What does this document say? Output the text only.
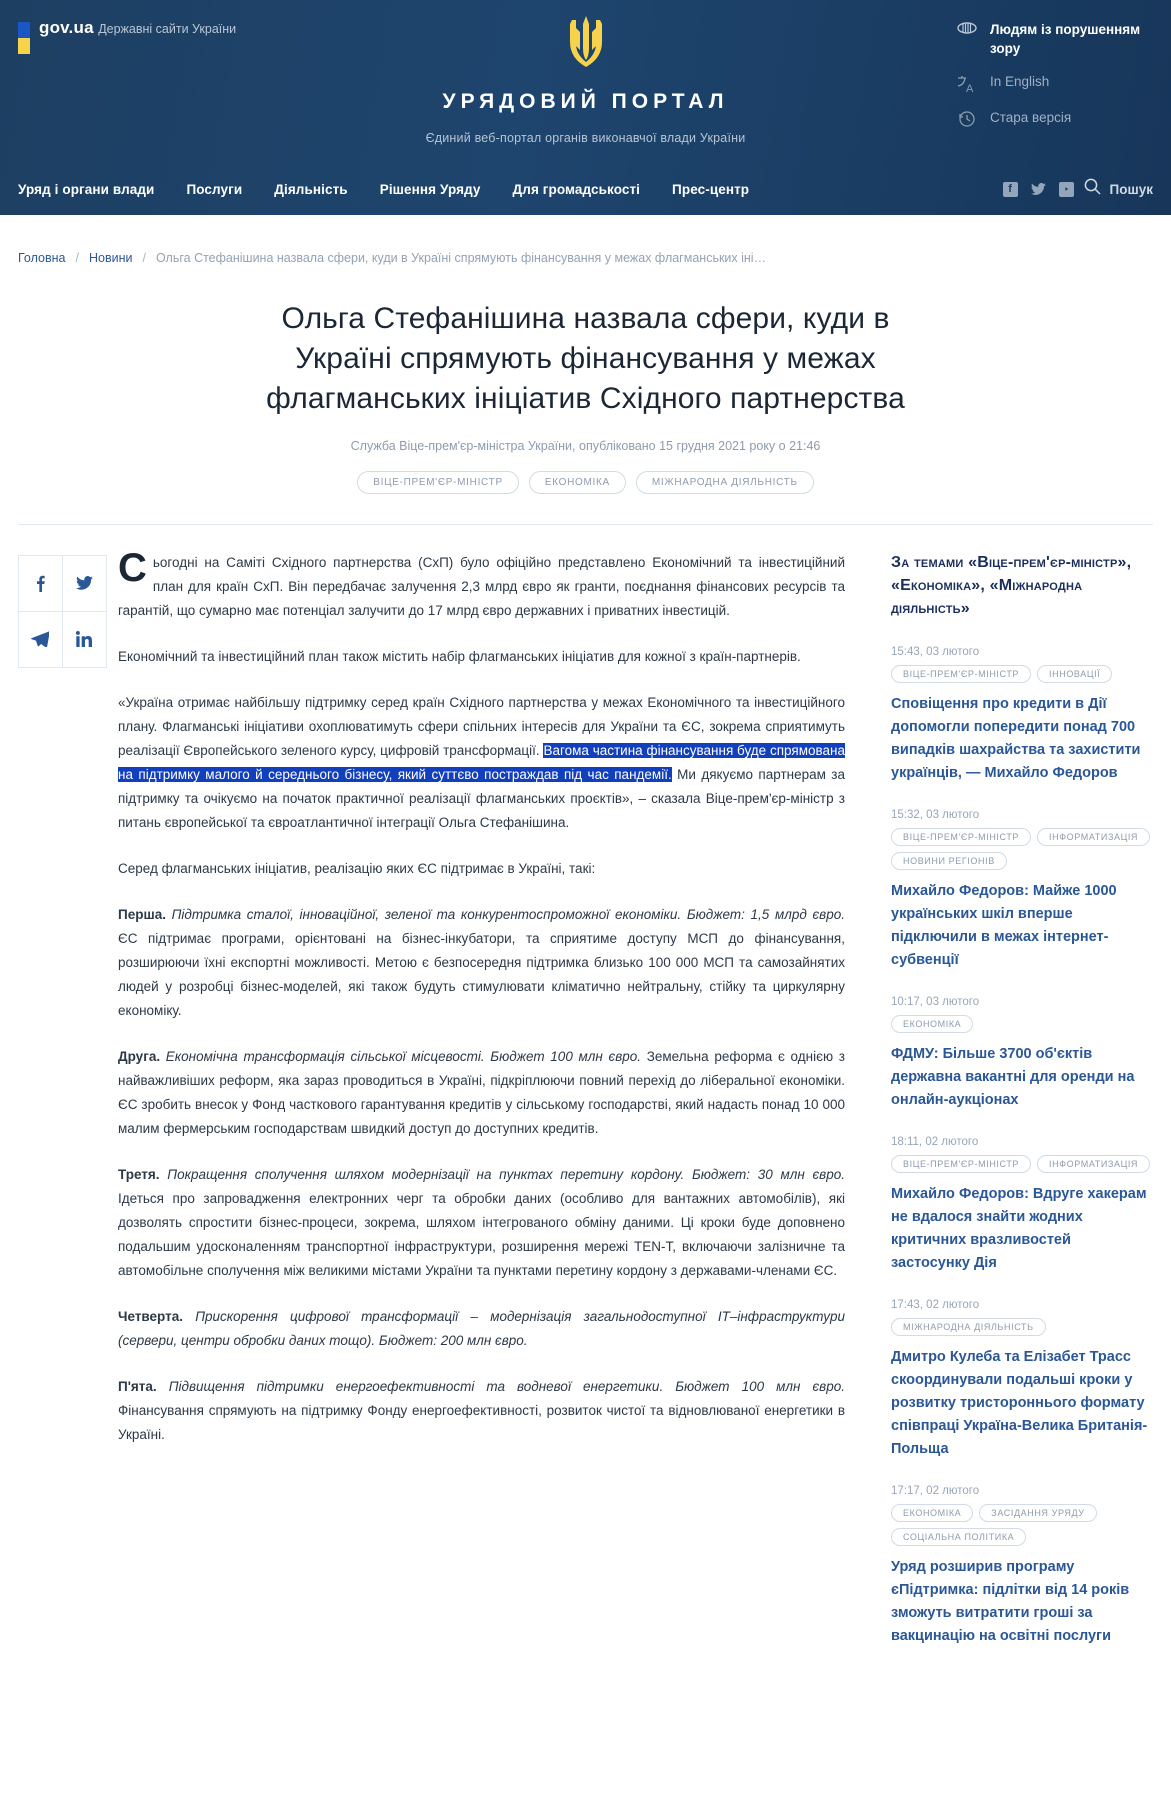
gov.ua Державні сайти України
УРЯДОВИЙ ПОРТАЛ
Єдиний веб-портал органів виконавчої влади України
Людям із порушенням зору
A In English
Стара версія
Уряд і органи влади Послуги Діяльність Рішення Уряду Для громадськості Прес-центр	f	Пошук
Головна / Новини / Ольга Стефанішина назвала сфери, куди в Україні спрямують фінансування у межах флагманських іні…
Ольга Стефанішина назвала сфери, куди в Україні спрямують фінансування у межах флагманських ініціатив Східного партнерства
Служба Віце-прем'єр-міністра України, опубліковано 15 грудня 2021 року о 21:46
ВІЦЕ-ПРЕМ'ЄР-МІНІСТР	ЕКОНОМІКА	МІЖНАРОДНА ДІЯЛЬНІСТЬ

Сьогодні на Саміті Східного партнерства (СхП) було офіційно представлено Економічний та інвестиційний план для країн СхП. Він передбачає залучення 2,3 млрд євро як гранти, поєднання фінансових ресурсів та гарантій, що сумарно має потенціал залучити до 17 млрд євро державних і приватних інвестицій.

Економічний та інвестиційний план також містить набір флагманських ініціатив для кожної з країн-партнерів.

«Україна отримає найбільшу підтримку серед країн Східного партнерства у межах Економічного та інвестиційного плану. Флагманські ініціативи охоплюватимуть сфери спільних інтересів для України та ЄС, зокрема сприятимуть реалізації Європейського зеленого курсу, цифровій трансформації. Вагома частина фінансування буде спрямована на підтримку малого й середнього бізнесу, який суттєво постраждав під час пандемії. Ми дякуємо партнерам за підтримку та очікуємо на початок практичної реалізації флагманських проєктів», – сказала Віце-прем'єр-міністр з питань європейської та євроатлантичної інтеграції Ольга Стефанішина.

Серед флагманських ініціатив, реалізацію яких ЄС підтримає в Україні, такі:

Перша. Підтримка сталої, інноваційної, зеленої та конкурентоспроможної економіки. Бюджет: 1,5 млрд євро. ЄС підтримає програми, орієнтовані на бізнес-інкубатори, та сприятиме доступу МСП до фінансування, розширюючи їхні експортні можливості. Метою є безпосередня підтримка близько 100 000 МСП та самозайнятих людей у розробці бізнес-моделей, які також будуть стимулювати кліматично нейтральну, стійку та циркулярну економіку.

Друга. Економічна трансформація сільської місцевості. Бюджет 100 млн євро. Земельна реформа є однією з найважливіших реформ, яка зараз проводиться в Україні, підкріплюючи повний перехід до ліберальної економіки. ЄС зробить внесок у Фонд часткового гарантування кредитів у сільському господарстві, який надасть понад 10 000 малим фермерським господарствам швидкий доступ до доступних кредитів.

Третя. Покращення сполучення шляхом модернізації на пунктах перетину кордону. Бюджет: 30 млн євро. Ідеться про запровадження електронних черг та обробки даних (особливо для вантажних автомобілів), які дозволять спростити бізнес-процеси, зокрема, шляхом інтегрованого обміну даними. Ці кроки буде доповнено подальшим удосконаленням транспортної інфраструктури, розширення мережі TEN-T, включаючи залізничне та автомобільне сполучення між великими містами України та пунктами перетину кордону з державами-членами ЄС.

Четверта. Прискорення цифрової трансформації – модернізація загальнодоступної IT–інфраструктури (сервери, центри обробки даних тощо). Бюджет: 200 млн євро.

П'ята. Підвищення підтримки енергоефективності та водневої енергетики. Бюджет 100 млн євро. Фінансування спрямують на підтримку Фонду енергоефективності, розвиток чистої та відновлюваної енергетики в Україні.

За темами «Віце-прем'єр-міністр», «Економіка», «Міжнародна діяльність»
15:43, 03 лютого
ВІЦЕ-ПРЕМ'ЄР-МІНІСТР	ІННОВАЦІЇ
Сповіщення про кредити в Дії допомогли попередити понад 700 випадків шахрайства та захистити українців, — Михайло Федоров
15:32, 03 лютого
ВІЦЕ-ПРЕМ'ЄР-МІНІСТР	ІНФОРМАТИЗАЦІЯ
НОВИНИ РЕГІОНІВ
Михайло Федоров: Майже 1000 українських шкіл вперше підключили в межах інтернет-субвенції
10:17, 03 лютого
ЕКОНОМІКА
ФДМУ: Більше 3700 об'єктів державна вакантні для оренди на онлайн-аукціонах
18:11, 02 лютого
ВІЦЕ-ПРЕМ'ЄР-МІНІСТР	ІНФОРМАТИЗАЦІЯ
Михайло Федоров: Вдруге хакерам не вдалося знайти жодних критичних вразливостей застосунку Дія
17:43, 02 лютого
МІЖНАРОДНА ДІЯЛЬНІСТЬ
Дмитро Кулеба та Елізабет Трасс скоординували подальші кроки у розвитку тристороннього формату співпраці Україна-Велика Британія-Польща
17:17, 02 лютого
ЕКОНОМІКА	ЗАСІДАННЯ УРЯДУ
СОЦІАЛЬНА ПОЛІТИКА
Уряд розширив програму єПідтримка: підлітки від 14 років зможуть витратити гроші за вакцинацію на освітні послуги
